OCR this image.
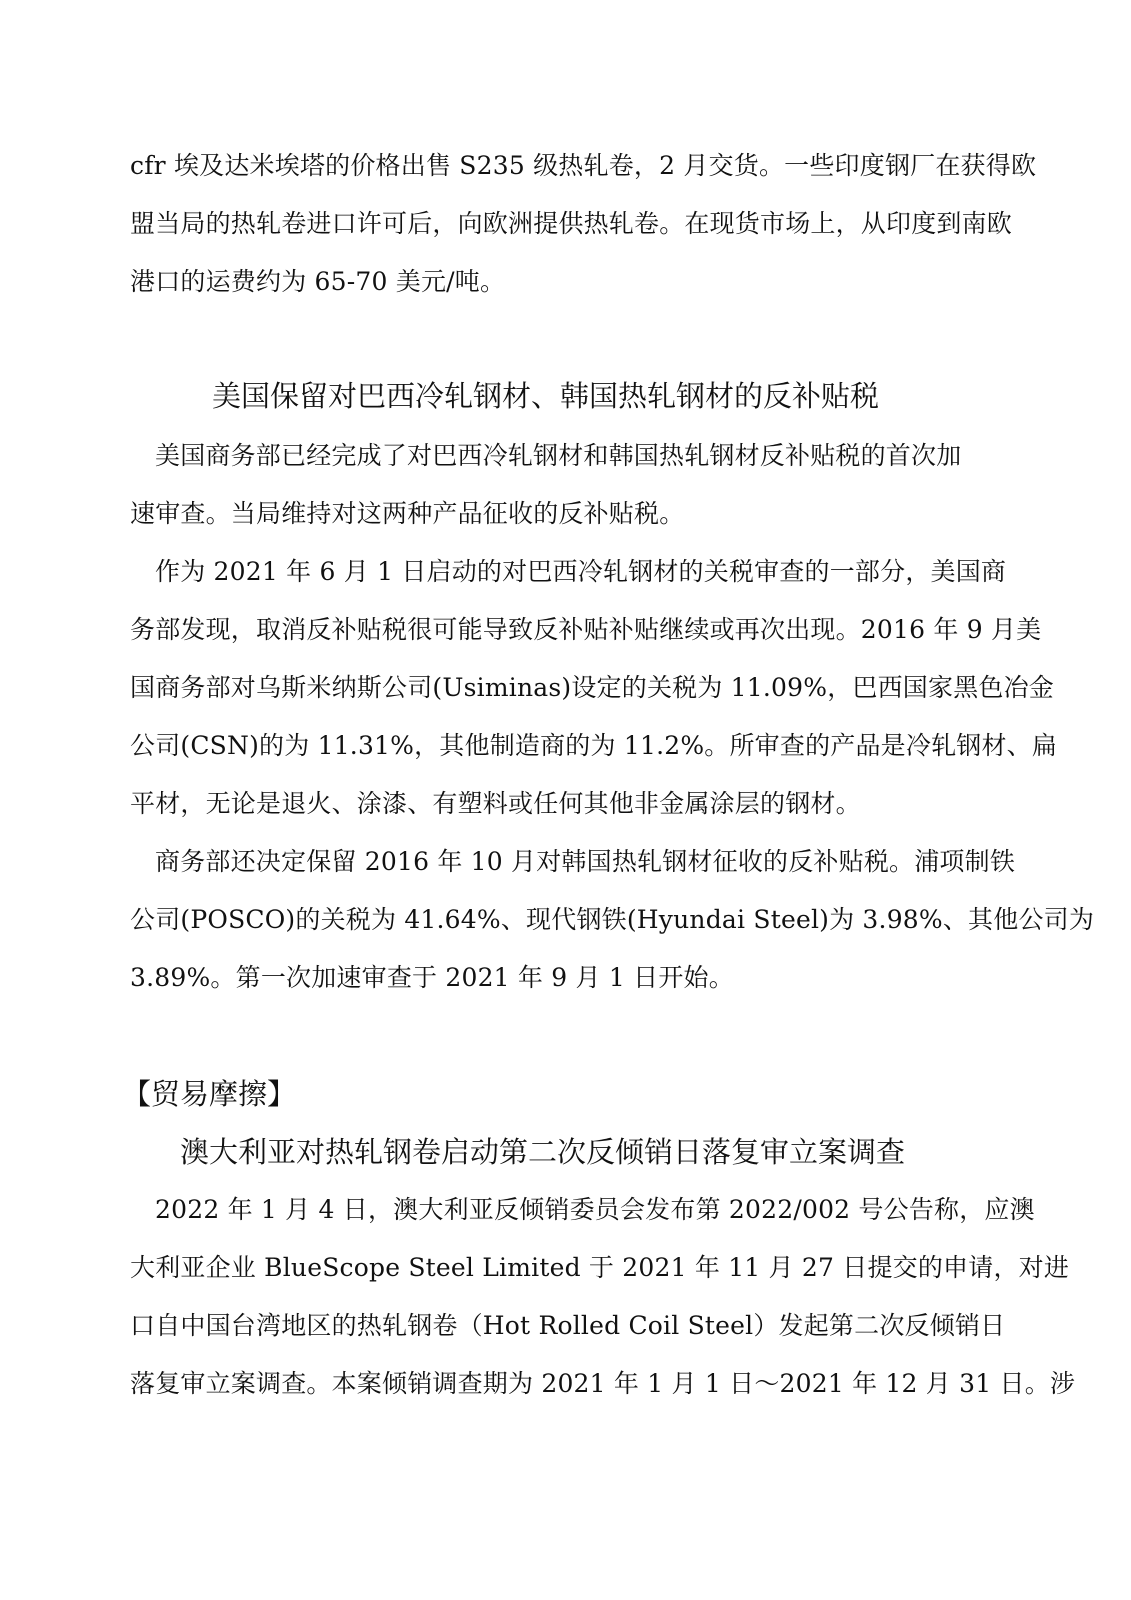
cfr 埃及达米埃塔的价格出售 S235 级热轧卷，2 月交货。一些印度钢厂在获得欧
盟当局的热轧卷进口许可后，向欧洲提供热轧卷。在现货市场上，从印度到南欧
港口的运费约为 65-70 美元/吨。
美国保留对巴西冷轧钢材、韩国热轧钢材的反补贴税
美国商务部已经完成了对巴西冷轧钢材和韩国热轧钢材反补贴税的首次加
速审查。当局维持对这两种产品征收的反补贴税。
作为 2021 年 6 月 1 日启动的对巴西冷轧钢材的关税审查的一部分，美国商
务部发现，取消反补贴税很可能导致反补贴补贴继续或再次出现。2016 年 9 月美
国商务部对乌斯米纳斯公司(Usiminas)设定的关税为 11.09%，巴西国家黑色冶金
公司(CSN)的为 11.31%，其他制造商的为 11.2%。所审查的产品是冷轧钢材、扁
平材，无论是退火、涂漆、有塑料或任何其他非金属涂层的钢材。
商务部还决定保留 2016 年 10 月对韩国热轧钢材征收的反补贴税。浦项制铁
公司(POSCO)的关税为 41.64%、现代钢铁(Hyundai Steel)为 3.98%、其他公司为
3.89%。第一次加速审查于 2021 年 9 月 1 日开始。
【贸易摩擦】
澳大利亚对热轧钢卷启动第二次反倾销日落复审立案调查
2022 年 1 月 4 日，澳大利亚反倾销委员会发布第 2022/002 号公告称，应澳
大利亚企业 BlueScope Steel Limited 于 2021 年 11 月 27 日提交的申请，对进
口自中国台湾地区的热轧钢卷（Hot Rolled Coil Steel）发起第二次反倾销日
落复审立案调查。本案倾销调查期为 2021 年 1 月 1 日～2021 年 12 月 31 日。涉
